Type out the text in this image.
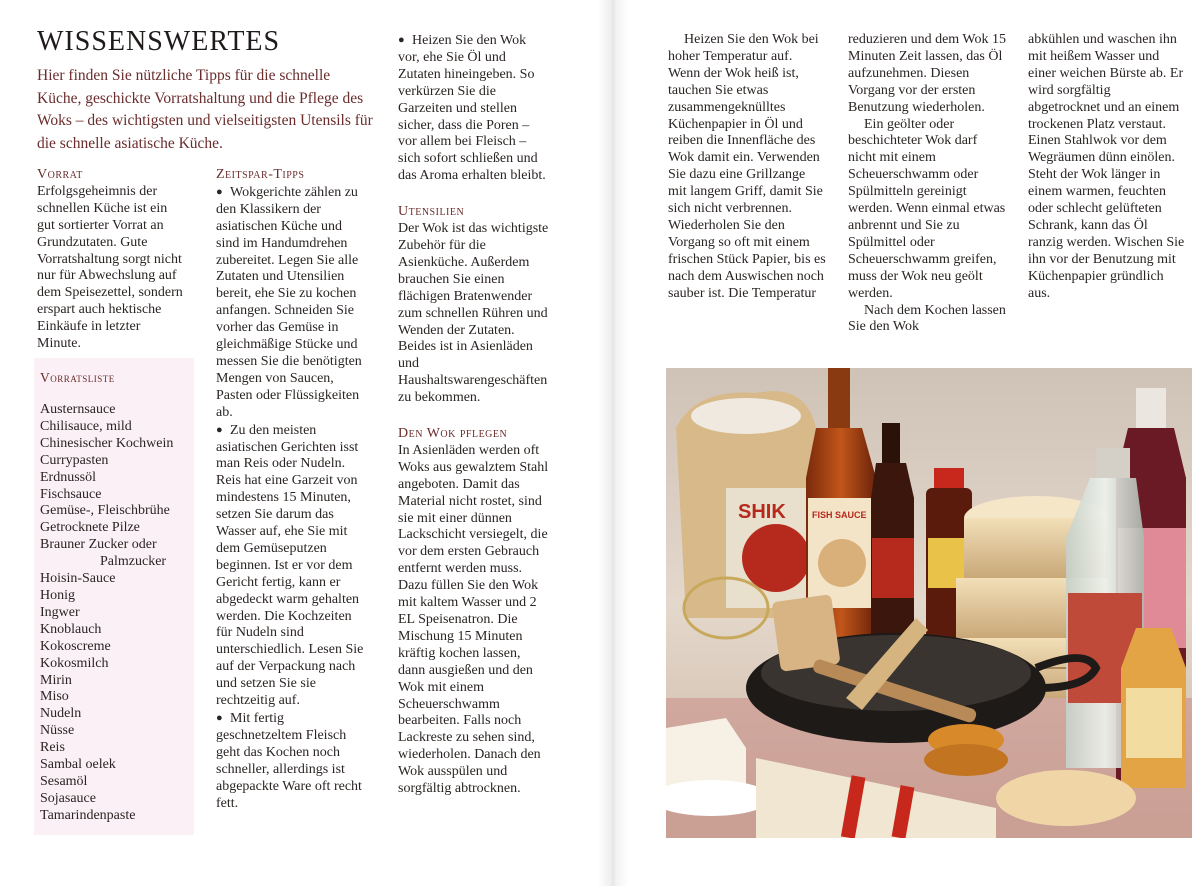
WISSENSWERTES
Hier finden Sie nützliche Tipps für die schnelle Küche, geschickte Vorratshaltung und die Pflege des Woks – des wichtigsten und vielseitigsten Utensils für die schnelle asiatische Küche.

Vorrat

Erfolgsgeheimnis der schnellen Küche ist ein gut sortierter Vorrat an Grundzutaten. Gute Vorratshaltung sorgt nicht nur für Abwechslung auf dem Speisezettel, sondern erspart auch hektische Einkäufe in letzter Minute.

Vorratsliste
Austernsauce
Chilisauce, mild
Chinesischer Kochwein
Currypasten
Erdnussöl
Fischsauce
Gemüse-, Fleischbrühe
Getrocknete Pilze
Brauner Zucker oder
Palmzucker
Hoisin-Sauce
Honig
Ingwer
Knoblauch
Kokoscreme
Kokosmilch
Mirin
Miso
Nudeln
Nüsse
Reis
Sambal oelek
Sesamöl
Sojasauce
Tamarindenpaste

Zeitspar-Tipps

● Wokgerichte zählen zu den Klassikern der asiatischen Küche und sind im Handumdrehen zubereitet. Legen Sie alle Zutaten und Utensilien bereit, ehe Sie zu kochen anfangen. Schneiden Sie vorher das Gemüse in gleichmäßige Stücke und messen Sie die benötigten Mengen von Saucen, Pasten oder Flüssigkeiten ab.

● Zu den meisten asiatischen Gerichten isst man Reis oder Nudeln. Reis hat eine Garzeit von mindestens 15 Minuten, setzen Sie darum das Wasser auf, ehe Sie mit dem Gemüseputzen beginnen. Ist er vor dem Gericht fertig, kann er abgedeckt warm gehalten werden. Die Kochzeiten für Nudeln sind unterschiedlich. Lesen Sie auf der Verpackung nach und setzen Sie sie rechtzeitig auf.

● Mit fertig geschnetzeltem Fleisch geht das Kochen noch schneller, allerdings ist abgepackte Ware oft recht fett.

● Heizen Sie den Wok vor, ehe Sie Öl und Zutaten hineingeben. So verkürzen Sie die Garzeiten und stellen sicher, dass die Poren – vor allem bei Fleisch – sich sofort schließen und das Aroma erhalten bleibt.

Utensilien

Der Wok ist das wichtigste Zubehör für die Asienküche. Außerdem brauchen Sie einen flächigen Bratenwender zum schnellen Rühren und Wenden der Zutaten. Beides ist in Asienläden und Haushaltswarengeschäften zu bekommen.

Den Wok pflegen

In Asienläden werden oft Woks aus gewalztem Stahl angeboten. Damit das Material nicht rostet, sind sie mit einer dünnen Lackschicht versiegelt, die vor dem ersten Gebrauch entfernt werden muss. Dazu füllen Sie den Wok mit kaltem Wasser und 2 EL Speisenatron. Die Mischung 15 Minuten kräftig kochen lassen, dann ausgießen und den Wok mit einem Scheuerschwamm bearbeiten. Falls noch Lackreste zu sehen sind, wiederholen. Danach den Wok ausspülen und sorgfältig abtrocknen.

Heizen Sie den Wok bei hoher Temperatur auf. Wenn der Wok heiß ist, tauchen Sie etwas zusammengeknülltes Küchenpapier in Öl und reiben die Innenfläche des Wok damit ein. Verwenden Sie dazu eine Grillzange mit langem Griff, damit Sie sich nicht verbrennen. Wiederholen Sie den Vorgang so oft mit einem frischen Stück Papier, bis es nach dem Auswischen noch sauber ist. Die Temperatur

reduzieren und dem Wok 15 Minuten Zeit lassen, das Öl aufzunehmen. Diesen Vorgang vor der ersten Benutzung wiederholen.

Ein geölter oder beschichteter Wok darf nicht mit einem Scheuerschwamm oder Spülmitteln gereinigt werden. Wenn einmal etwas anbrennt und Sie zu Spülmittel oder Scheuerschwamm greifen, muss der Wok neu geölt werden.

Nach dem Kochen lassen Sie den Wok

abkühlen und waschen ihn mit heißem Wasser und einer weichen Bürste ab. Er wird sorgfältig abgetrocknet und an einem trockenen Platz verstaut. Einen Stahlwok vor dem Wegräumen dünn einölen. Steht der Wok länger in einem warmen, feuchten oder schlecht gelüfteten Schrank, kann das Öl ranzig werden. Wischen Sie ihn vor der Benutzung mit Küchenpapier gründlich aus.

SHIK	FISH SAUCE
